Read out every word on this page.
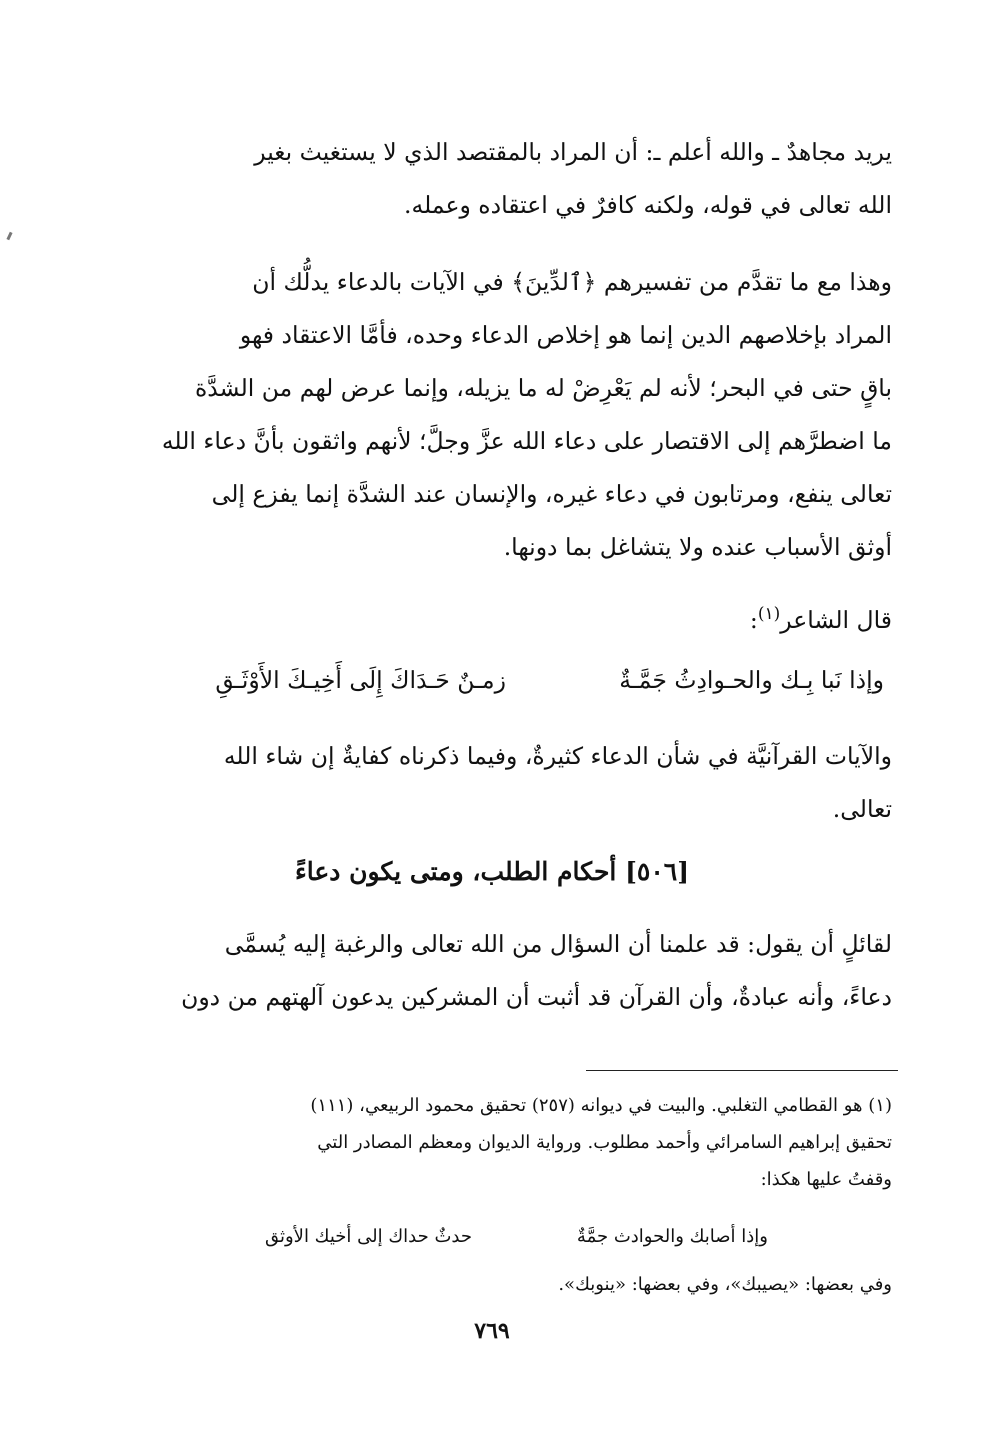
يريد مجاهدٌ ـ والله أعلم ـ: أن المراد بالمقتصد الذي لا يستغيث بغير
الله تعالى في قوله، ولكنه كافرٌ في اعتقاده وعمله.
وهذا مع ما تقدَّم من تفسيرهم ﴿ٱلدِّينَ﴾ في الآيات بالدعاء يدلُّك أن
المراد بإخلاصهم الدين إنما هو إخلاص الدعاء وحده، فأمَّا الاعتقاد فهو
باقٍ حتى في البحر؛ لأنه لم يَعْرِضْ له ما يزيله، وإنما عرض لهم من الشدَّة
ما اضطرَّهم إلى الاقتصار على دعاء الله عزَّ وجلَّ؛ لأنهم واثقون بأنَّ دعاء الله
تعالى ينفع، ومرتابون في دعاء غيره، والإنسان عند الشدَّة إنما يفزع إلى
أوثق الأسباب عنده ولا يتشاغل بما دونها.
قال الشاعر$^{(١)}$:
وإذا نَبا بِـك والحـوادِثُ جَمَّـةٌ
زمـنٌ حَـدَاكَ إِلَى أَخِيـكَ الأَوْثَـقِ
والآيات القرآنيَّة في شأن الدعاء كثيرةٌ، وفيما ذكرناه كفايةٌ إن شاء الله
تعالى.
[٥٠٦] أحكام الطلب، ومتى يكون دعاءً
لقائلٍ أن يقول: قد علمنا أن السؤال من الله تعالى والرغبة إليه يُسمَّى
دعاءً، وأنه عبادةٌ، وأن القرآن قد أثبت أن المشركين يدعون آلهتهم من دون
(١) هو القطامي التغلبي. والبيت في ديوانه (٢٥٧) تحقيق محمود الربيعي، (١١١)
تحقيق إبراهيم السامرائي وأحمد مطلوب. ورواية الديوان ومعظم المصادر التي
وقفتُ عليها هكذا:
وإذا أصابك والحوادث جمَّةٌ
حدثٌ حداك إلى أخيك الأوثق
وفي بعضها: «يصيبك»، وفي بعضها: «ينوبك».
٧٦٩
